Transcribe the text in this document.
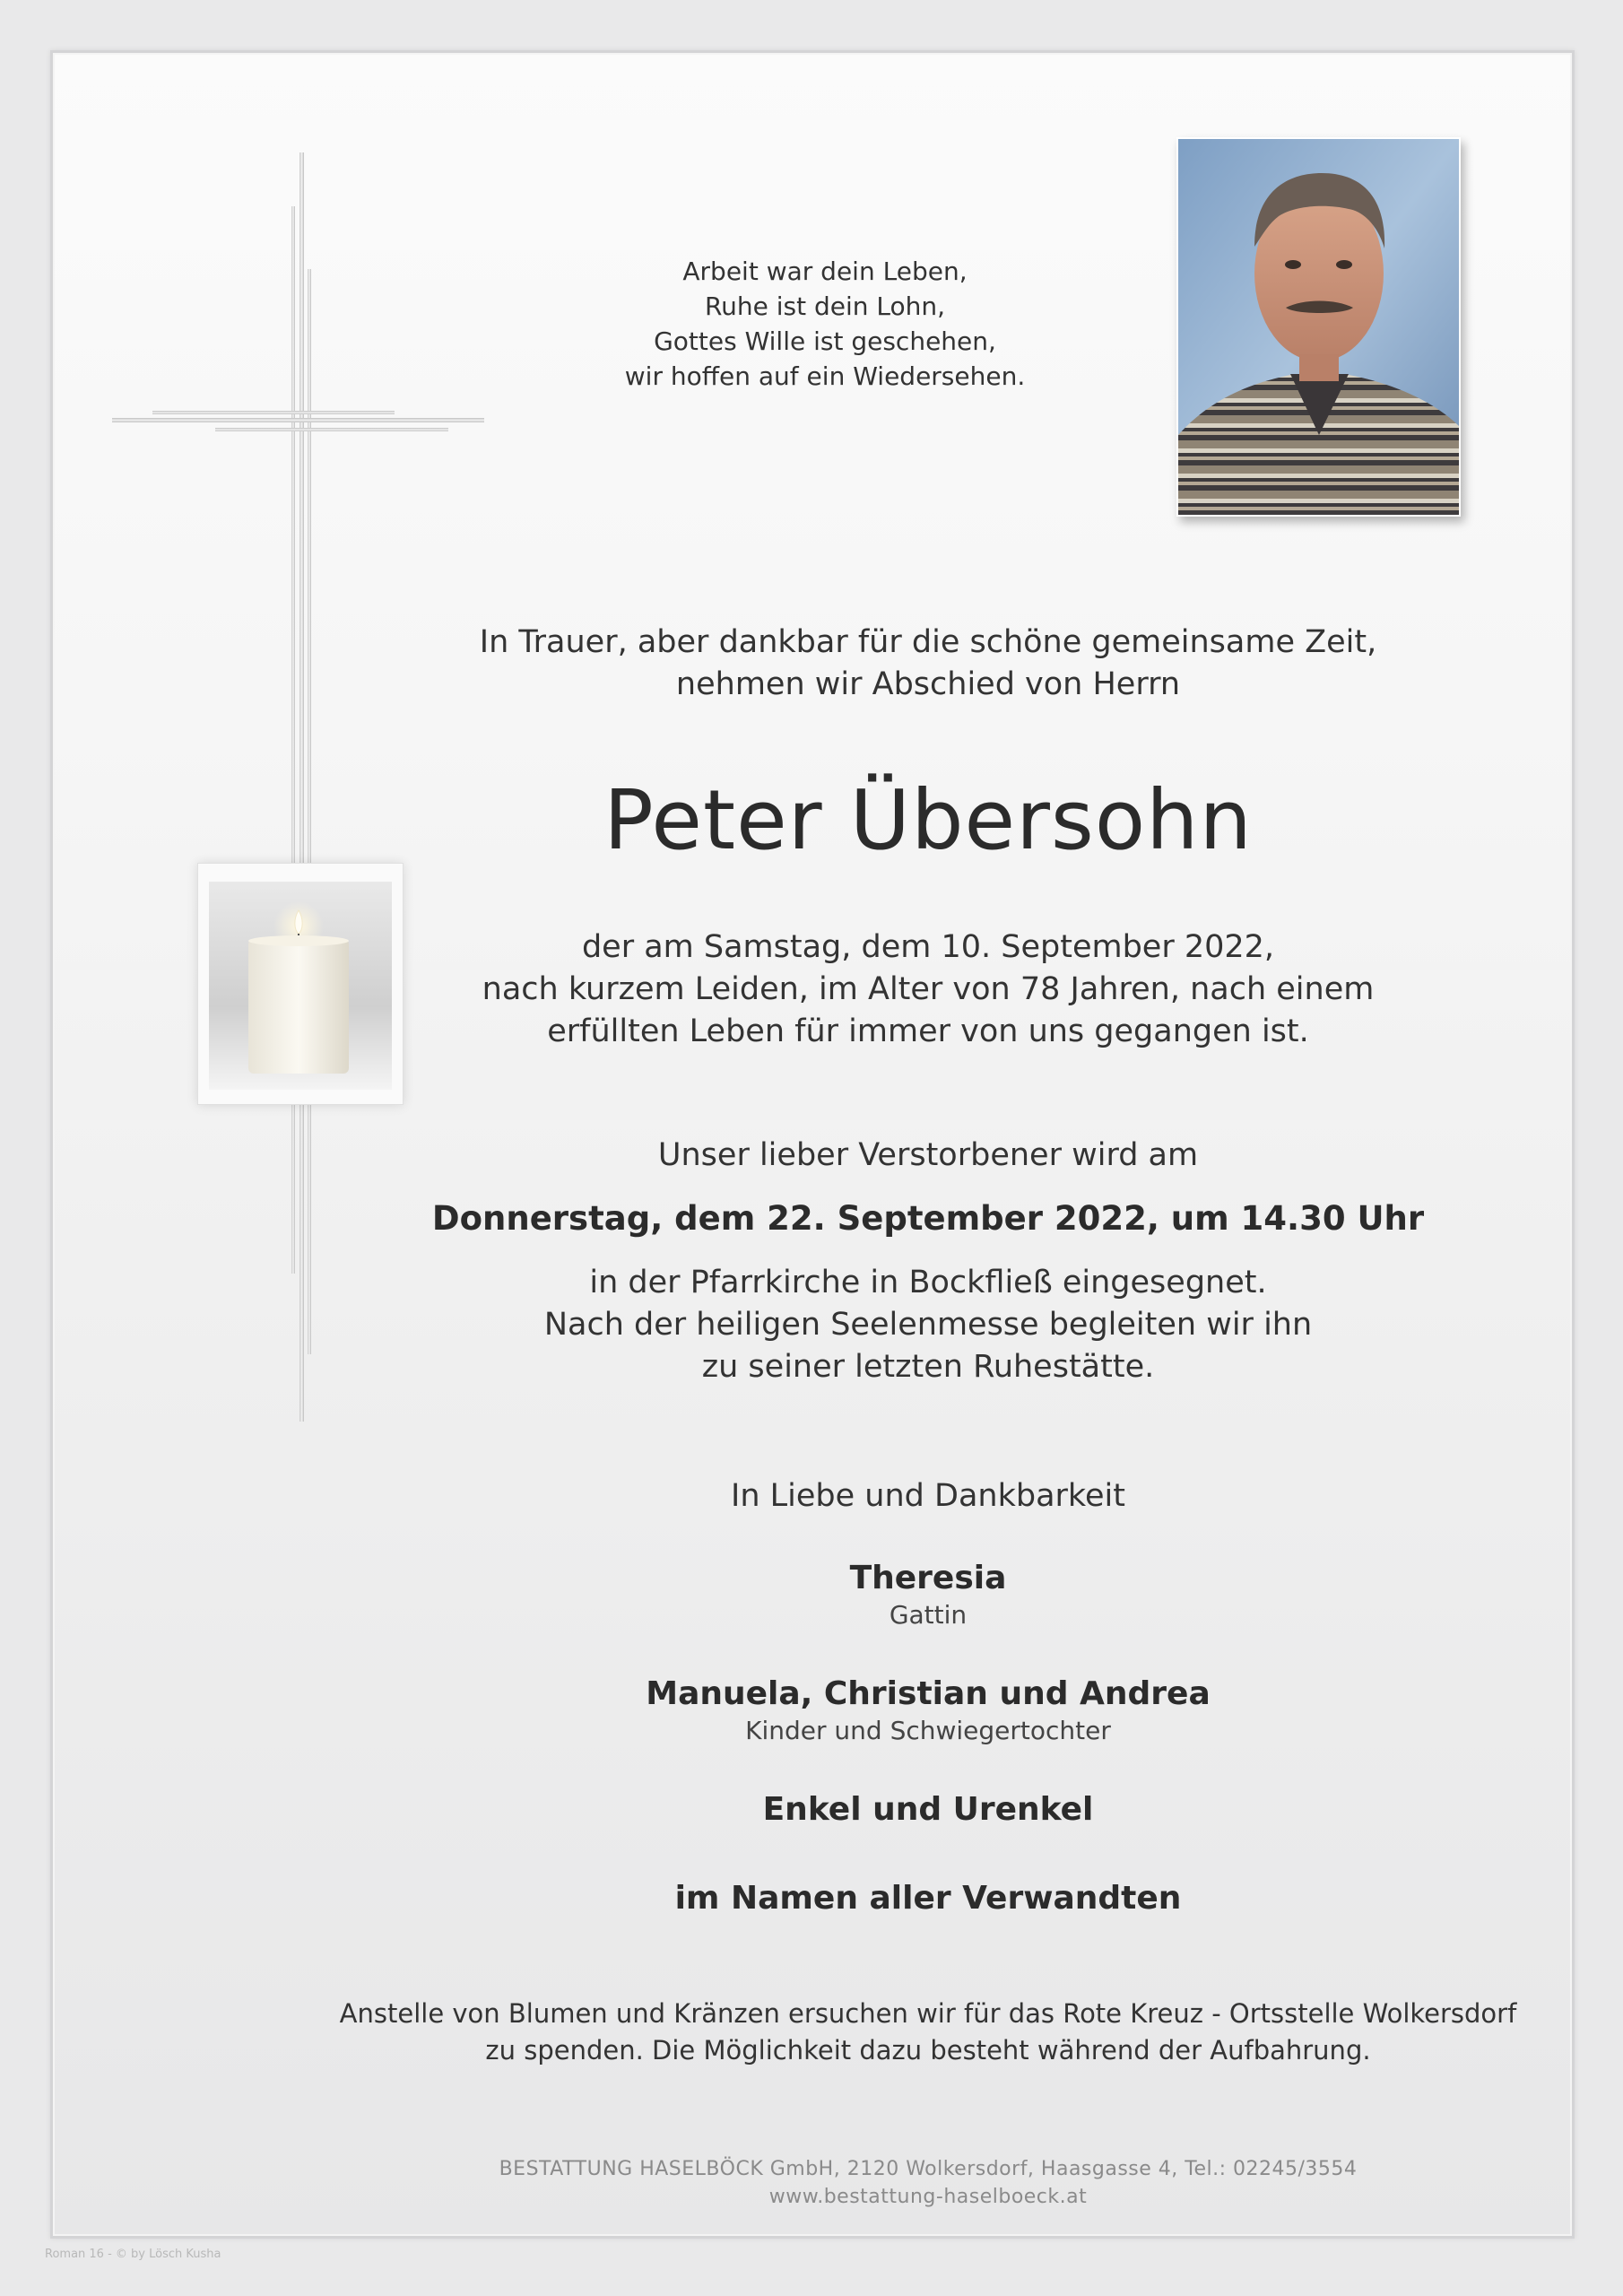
Arbeit war dein Leben,
Ruhe ist dein Lohn,
Gottes Wille ist geschehen,
wir hoffen auf ein Wiedersehen.
In Trauer, aber dankbar für die schöne gemeinsame Zeit,
nehmen wir Abschied von Herrn
Peter Übersohn
der am Samstag, dem 10. September 2022,
nach kurzem Leiden, im Alter von 78 Jahren, nach einem
erfüllten Leben für immer von uns gegangen ist.
Unser lieber Verstorbener wird am
Donnerstag, dem 22. September 2022, um 14.30 Uhr
in der Pfarrkirche in Bockfließ eingesegnet.
Nach der heiligen Seelenmesse begleiten wir ihn
zu seiner letzten Ruhestätte.
In Liebe und Dankbarkeit
Theresia
Gattin
Manuela, Christian und Andrea
Kinder und Schwiegertochter
Enkel und Urenkel
im Namen aller Verwandten
Anstelle von Blumen und Kränzen ersuchen wir für das Rote Kreuz - Ortsstelle Wolkersdorf
zu spenden. Die Möglichkeit dazu besteht während der Aufbahrung.
BESTATTUNG HASELBÖCK GmbH, 2120 Wolkersdorf, Haasgasse 4, Tel.: 02245/3554
www.bestattung-haselboeck.at
Roman 16 - © by Lösch Kusha
